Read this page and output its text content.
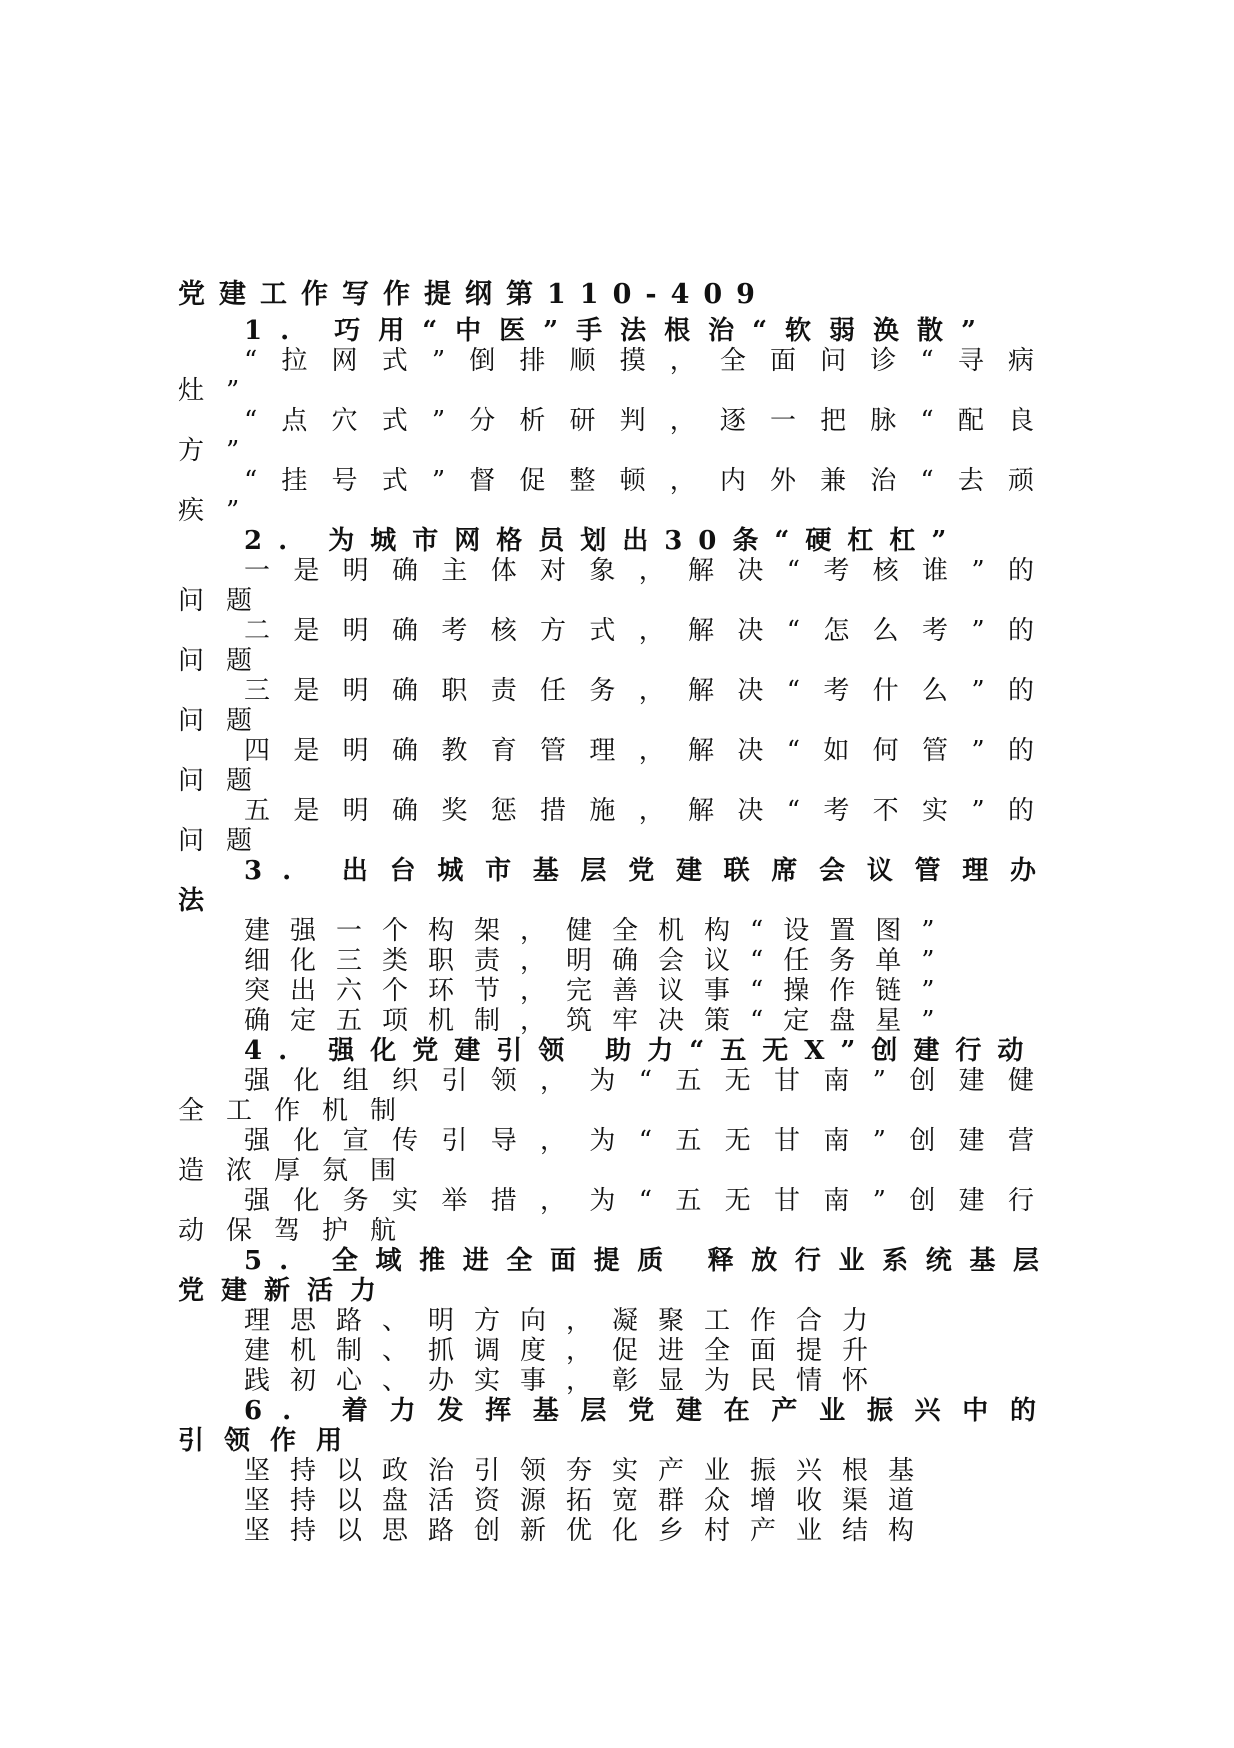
党建工作写作提纲第110-409
1. 巧用“中医”手法根治“软弱涣散”
“拉网式”倒排顺摸，全面问诊“寻病灶”
“点穴式”分析研判，逐一把脉“配良方”
“挂号式”督促整顿，内外兼治“去顽疾”
2. 为城市网格员划出30条“硬杠杠”
一是明确主体对象，解决“考核谁”的问题
二是明确考核方式，解决“怎么考”的问题
三是明确职责任务，解决“考什么”的问题
四是明确教育管理，解决“如何管”的问题
五是明确奖惩措施，解决“考不实”的问题
3. 出台城市基层党建联席会议管理办法
建强一个构架，健全机构“设置图”
细化三类职责，明确会议“任务单”
突出六个环节，完善议事“操作链”
确定五项机制，筑牢决策“定盘星”
4. 强化党建引领 助力“五无X”创建行动
强化组织引领，为“五无甘南”创建健全工作机制
强化宣传引导，为“五无甘南”创建营造浓厚氛围
强化务实举措，为“五无甘南”创建行动保驾护航
5. 全域推进全面提质 释放行业系统基层党建新活力
理思路、明方向，凝聚工作合力
建机制、抓调度，促进全面提升
践初心、办实事，彰显为民情怀
6. 着力发挥基层党建在产业振兴中的引领作用
坚持以政治引领夯实产业振兴根基
坚持以盘活资源拓宽群众增收渠道
坚持以思路创新优化乡村产业结构
